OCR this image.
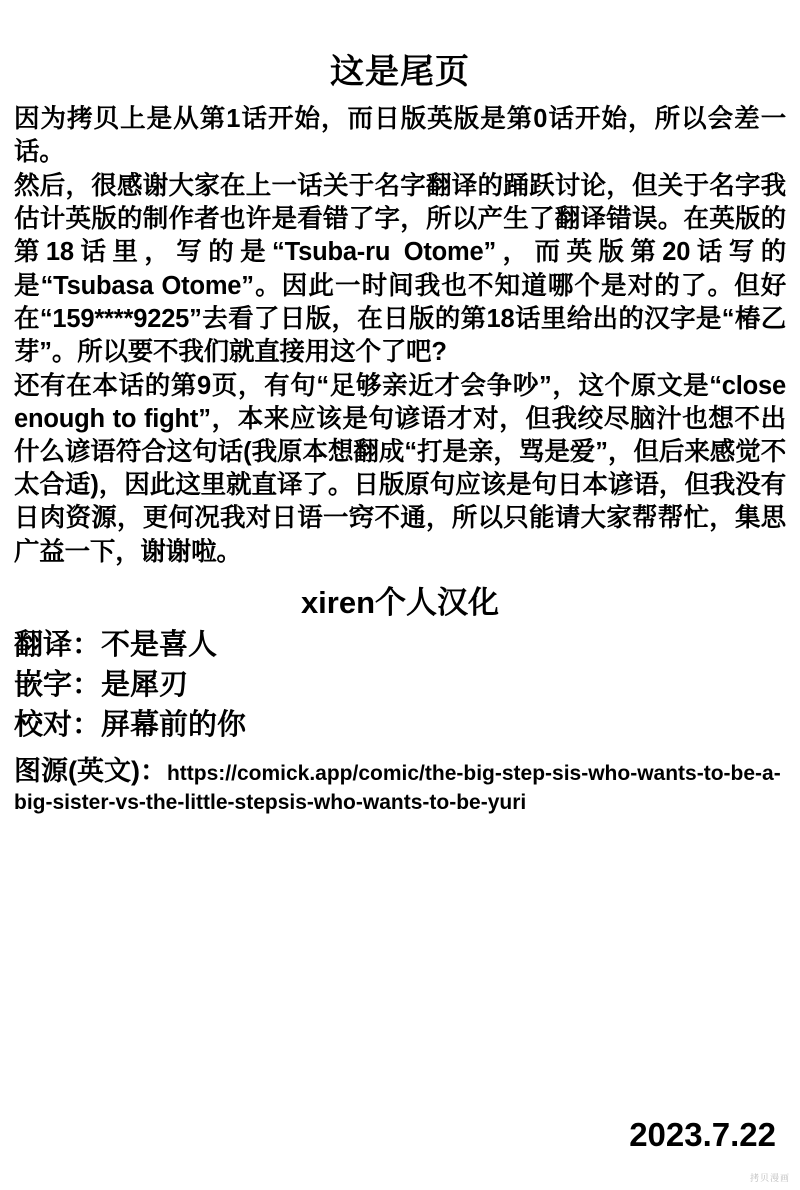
这是尾页

因为拷贝上是从第1话开始，而日版英版是第0话开始，所以会差一话。

然后，很感谢大家在上一话关于名字翻译的踊跃讨论，但关于名字我估计英版的制作者也许是看错了字，所以产生了翻译错误。在英版的第18话里，写的是“Tsuba-ru Otome”，而英版第20话写的是“Tsubasa Otome”。因此一时间我也不知道哪个是对的了。但好在“159****9225”去看了日版，在日版的第18话里给出的汉字是“椿乙芽”。所以要不我们就直接用这个了吧?

还有在本话的第9页，有句“足够亲近才会争吵”，这个原文是“close enough to fight”，本来应该是句谚语才对，但我绞尽脑汁也想不出什么谚语符合这句话(我原本想翻成“打是亲，骂是爱”，但后来感觉不太合适)，因此这里就直译了。日版原句应该是句日本谚语，但我没有日肉资源，更何况我对日语一窍不通，所以只能请大家帮帮忙，集思广益一下，谢谢啦。

xiren个人汉化
翻译：不是喜人
嵌字：是犀刃
校对：屏幕前的你
图源(英文)：https://comick.app/comic/the-big-step-sis-who-wants-to-be-a-big-sister-vs-the-little-stepsis-who-wants-to-be-yuri
2023.7.22
拷贝漫画
